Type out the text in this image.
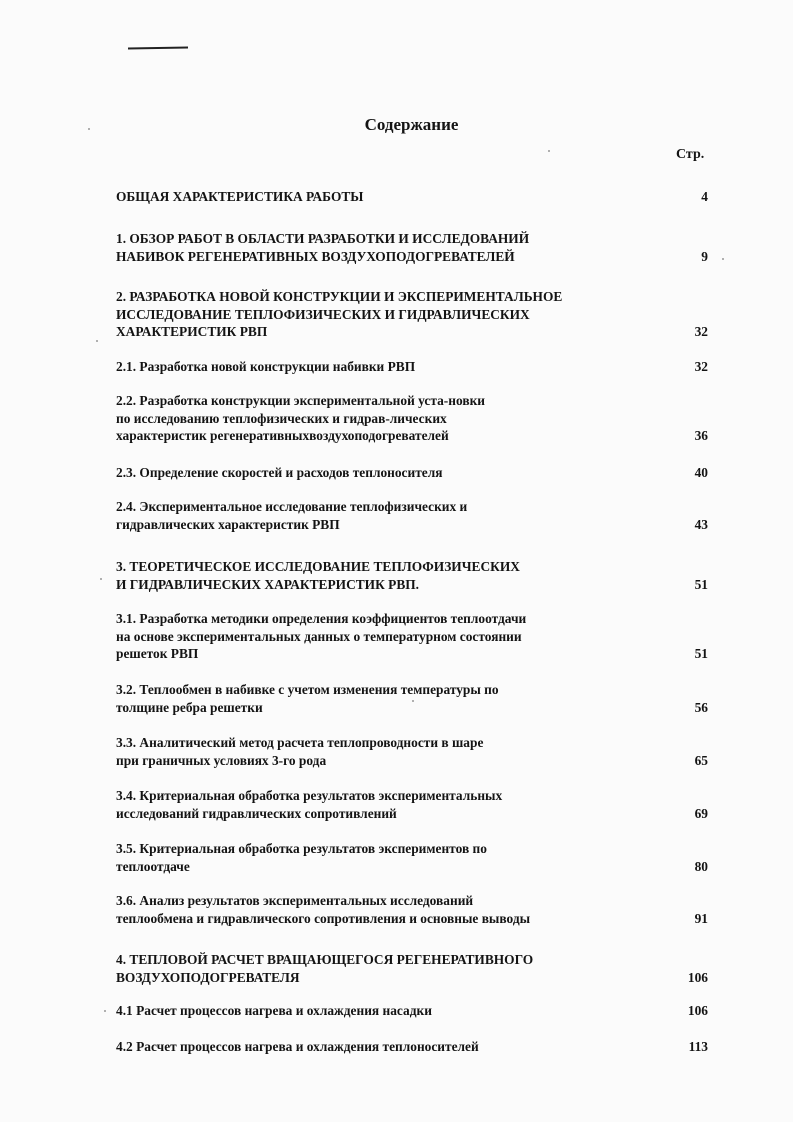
Содержание
Стр.
ОБЩАЯ ХАРАКТЕРИСТИКА РАБОТЫ	4
1. ОБЗОР РАБОТ В ОБЛАСТИ РАЗРАБОТКИ И ИССЛЕДОВАНИЙ
НАБИВОК РЕГЕНЕРАТИВНЫХ ВОЗДУХОПОДОГРЕВАТЕЛЕЙ	9
2. РАЗРАБОТКА НОВОЙ КОНСТРУКЦИИ И ЭКСПЕРИМЕНТАЛЬНОЕ
ИССЛЕДОВАНИЕ ТЕПЛОФИЗИЧЕСКИХ И ГИДРАВЛИЧЕСКИХ
ХАРАКТЕРИСТИК РВП	32
2.1. Разработка новой конструкции набивки РВП	32
2.2. Разработка конструкции экспериментальной уста-новки
по исследованию теплофизических и гидрав-лических
характеристик регенеративныхвоздухоподогревателей	36
2.3. Определение скоростей и расходов теплоносителя	40
2.4. Экспериментальное исследование теплофизических и
гидравлических характеристик РВП	43
3. ТЕОРЕТИЧЕСКОЕ ИССЛЕДОВАНИЕ ТЕПЛОФИЗИЧЕСКИХ
И ГИДРАВЛИЧЕСКИХ ХАРАКТЕРИСТИК РВП.	51
3.1. Разработка методики определения коэффициентов теплоотдачи
на основе экспериментальных данных о температурном состоянии
решеток РВП	51
3.2. Теплообмен в набивке с учетом изменения температуры по
толщине ребра решетки	56
3.3. Аналитический метод расчета теплопроводности в шаре
при граничных условиях 3-го рода	65
3.4. Критериальная обработка результатов экспериментальных
исследований гидравлических сопротивлений	69
3.5. Критериальная обработка результатов экспериментов по
теплоотдаче	80
3.6. Анализ результатов экспериментальных исследований
теплообмена и гидравлического сопротивления и основные выводы	91
4. ТЕПЛОВОЙ РАСЧЕТ ВРАЩАЮЩЕГОСЯ РЕГЕНЕРАТИВНОГО
ВОЗДУХОПОДОГРЕВАТЕЛЯ	106
4.1 Расчет процессов нагрева и охлаждения насадки	106
4.2 Расчет процессов нагрева и охлаждения теплоносителей	113
